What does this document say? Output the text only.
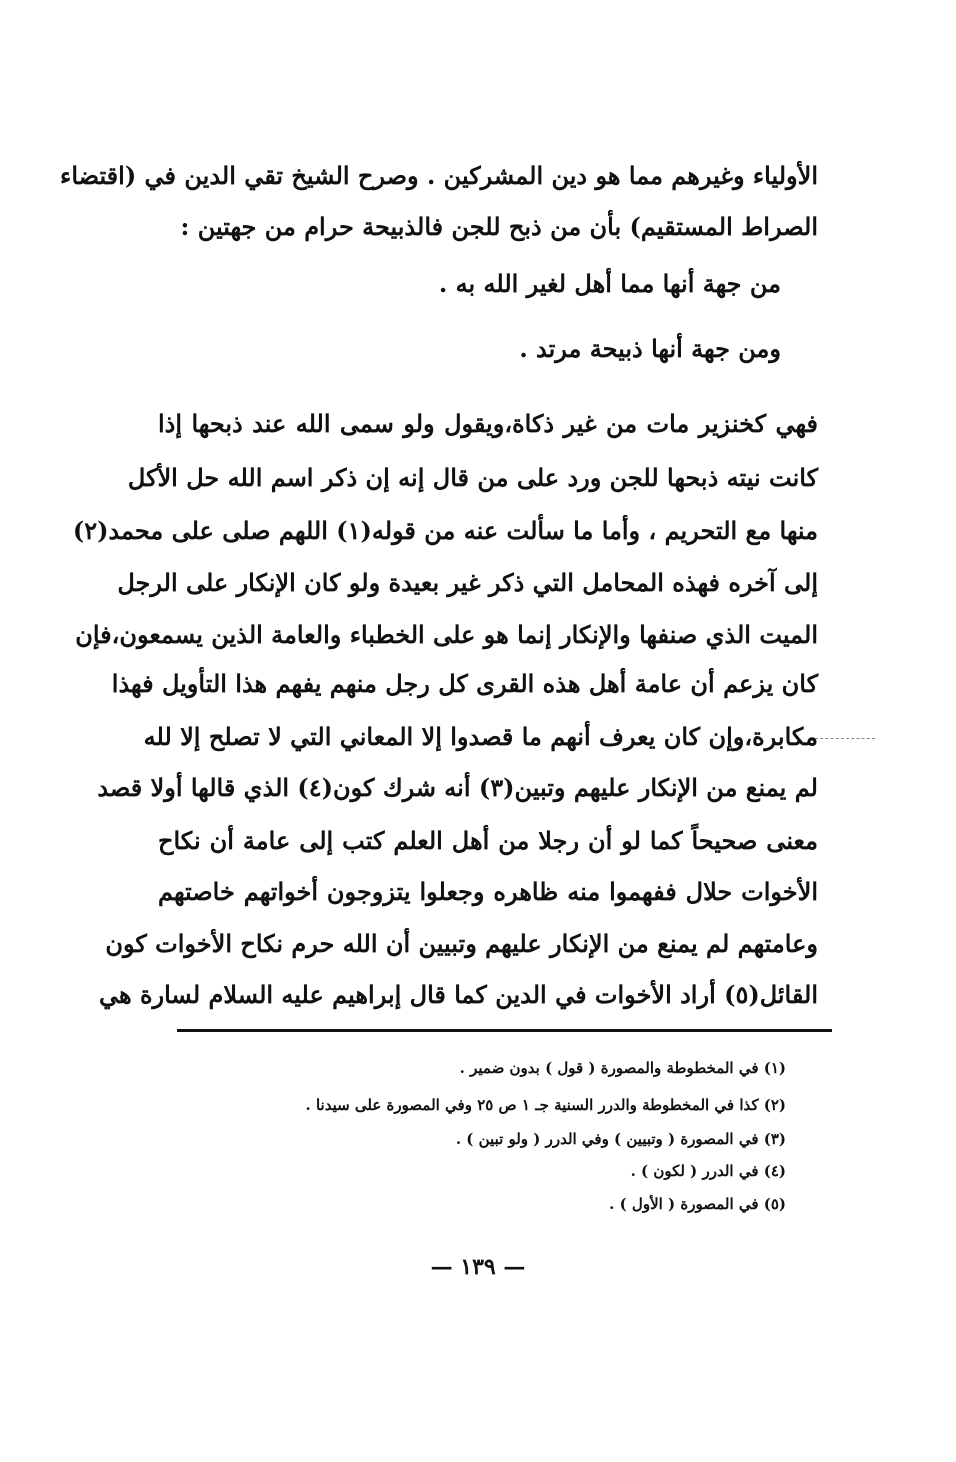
الأولياء وغيرهم مما هو دين المشركين . وصرح الشيخ تقي الدين في (اقتضاء
الصراط المستقيم) بأن من ذبح للجن فالذبيحة حرام من جهتين :
من جهة أنها مما أهل لغير الله به .
ومن جهة أنها ذبيحة مرتد .
فهي كخنزير مات من غير ذكاة،ويقول ولو سمى الله عند ذبحها إذا
كانت نيته ذبحها للجن ورد على من قال إنه إن ذكر اسم الله حل الأكل
منها مع التحريم ، وأما ما سألت عنه من قوله(١) اللهم صلى على محمد(٢)
إلى آخره فهذه المحامل التي ذكر غير بعيدة ولو كان الإنكار على الرجل
الميت الذي صنفها والإنكار إنما هو على الخطباء والعامة الذين يسمعون،فإن
كان يزعم أن عامة أهل هذه القرى كل رجل منهم يفهم هذا التأويل فهذا
مكابرة،وإن كان يعرف أنهم ما قصدوا إلا المعاني التي لا تصلح إلا لله
لم يمنع من الإنكار عليهم وتبين(٣) أنه شرك كون(٤) الذي قالها أولا قصد
معنى صحيحاً كما لو أن رجلا من أهل العلم كتب إلى عامة أن نكاح
الأخوات حلال ففهموا منه ظاهره وجعلوا يتزوجون أخواتهم خاصتهم
وعامتهم لم يمنع من الإنكار عليهم وتبيين أن الله حرم نكاح الأخوات كون
القائل(٥) أراد الأخوات في الدين كما قال إبراهيم عليه السلام لسارة هي
(١) في المخطوطة والمصورة ( قول ) بدون ضمير .
(٢) كذا في المخطوطة والدرر السنية جـ ١ ص ٢٥ وفي المصورة على سيدنا .
(٣) في المصورة ( وتبيين ) وفي الدرر ( ولو تبين ) .
(٤) في الدرر ( لكون ) .
(٥) في المصورة ( الأول ) .
— ١٣٩ —
